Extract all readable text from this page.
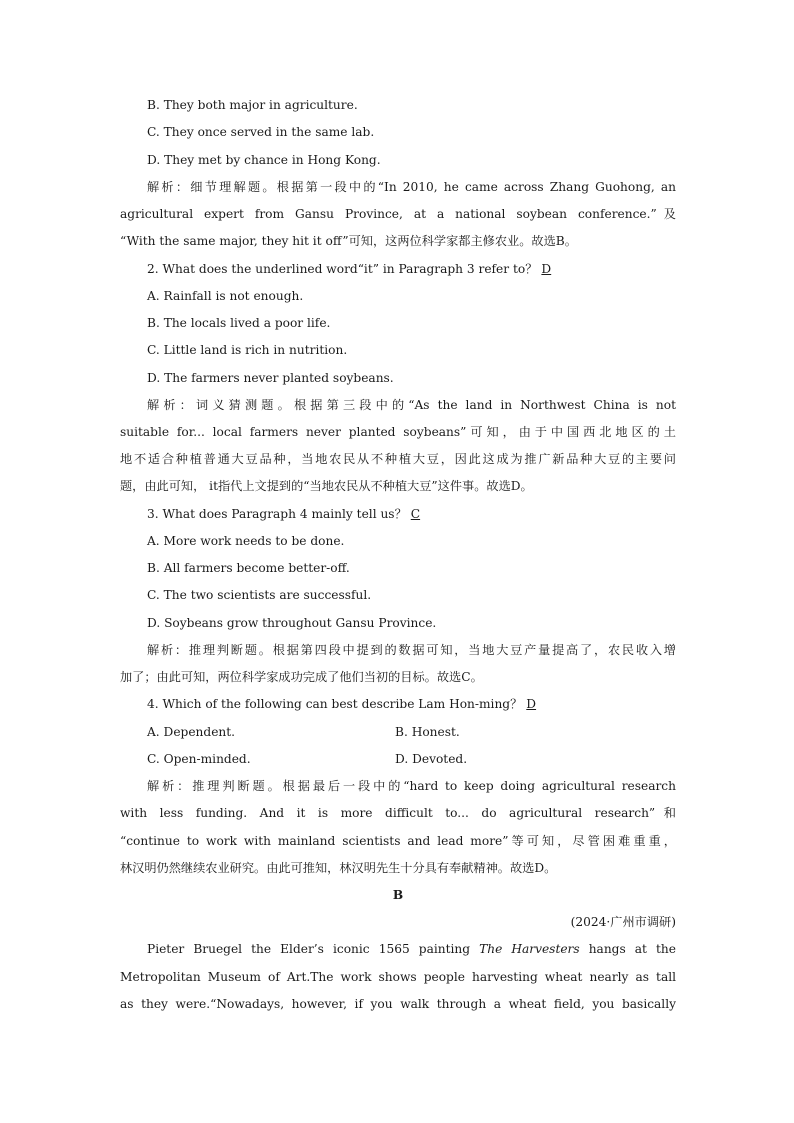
B. They both major in agriculture.
C. They once served in the same lab.
D. They met by chance in Hong Kong.
解析：细节理解题。根据第一段中的“In 2010, he came across Zhang Guohong, an
agricultural expert from Gansu Province, at a national soybean conference.”及
“With the same major, they hit it off”可知，这两位科学家都主修农业。故选B。
2. What does the underlined word“it” in Paragraph 3 refer to？ D
A. Rainfall is not enough.
B. The locals lived a poor life.
C. Little land is rich in nutrition.
D. The farmers never planted soybeans.
解析：词义猜测题。根据第三段中的“As the land in Northwest China is not
suitable for... local farmers never planted soybeans”可知，由于中国西北地区的土
地不适合种植普通大豆品种，当地农民从不种植大豆，因此这成为推广新品种大豆的主要问
题，由此可知， it指代上文提到的“当地农民从不种植大豆”这件事。故选D。
3. What does Paragraph 4 mainly tell us？ C
A. More work needs to be done.
B. All farmers become better-off.
C. The two scientists are successful.
D. Soybeans grow throughout Gansu Province.
解析：推理判断题。根据第四段中提到的数据可知，当地大豆产量提高了，农民收入增
加了；由此可知，两位科学家成功完成了他们当初的目标。故选C。
4. Which of the following can best describe Lam Hon-ming？ D
A. Dependent.	B. Honest.
C. Open-minded.	D. Devoted.
解析：推理判断题。根据最后一段中的“hard to keep doing agricultural research
with less funding. And it is more difficult to... do agricultural research”和
“continue to work with mainland scientists and lead more”等可知，尽管困难重重，
林汉明仍然继续农业研究。由此可推知，林汉明先生十分具有奉献精神。故选D。
B
(2024·广州市调研)
Pieter Bruegel the Elder’s iconic 1565 painting The Harvesters hangs at the
Metropolitan Museum of Art.The work shows people harvesting wheat nearly as tall
as they were.“Nowadays, however, if you walk through a wheat field, you basically
